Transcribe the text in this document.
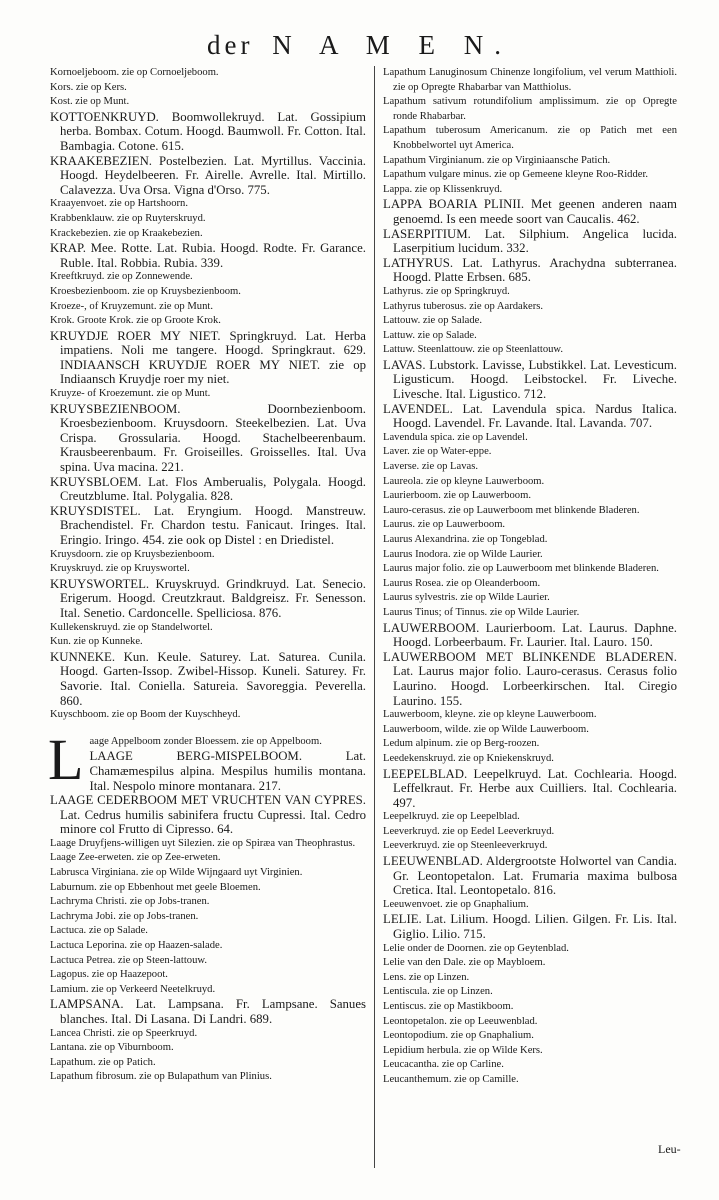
der N A M E N.

Kornoeljeboom. zie op Cornoeljeboom.

Kors. zie op Kers.

Kost. zie op Munt.

KOTTOENKRUYD. Boomwollekruyd. Lat. Gossipium herba. Bombax. Cotum. Hoogd. Baumwoll. Fr. Cotton. Ital. Bambagia. Cotone. 615.

KRAAKEBEZIEN. Postelbezien. Lat. Myrtillus. Vaccinia. Hoogd. Heydelbeeren. Fr. Airelle. Avrelle. Ital. Mirtillo. Calavezza. Uva Orsa. Vigna d'Orso. 775.

Kraayenvoet. zie op Hartshoorn.

Krabbenklauw. zie op Ruyterskruyd.

Krackebezien. zie op Kraakebezien.

KRAP. Mee. Rotte. Lat. Rubia. Hoogd. Rodte. Fr. Garance. Ruble. Ital. Robbia. Rubia. 339.

Kreeftkruyd. zie op Zonnewende.

Kroesbezienboom. zie op Kruysbezienboom.

Kroeze-, of Kruyzemunt. zie op Munt.

Krok. Groote Krok. zie op Groote Krok.

KRUYDJE ROER MY NIET. Springkruyd. Lat. Herba impatiens. Noli me tangere. Hoogd. Springkraut. 629. INDIAANSCH KRUYDJE ROER MY NIET. zie op Indiaansch Kruydje roer my niet.

Kruyze- of Kroezemunt. zie op Munt.

KRUYSBEZIENBOOM. Doornbezienboom. Kroesbezienboom. Kruysdoorn. Steekelbezien. Lat. Uva Crispa. Grossularia. Hoogd. Stachelbeerenbaum. Krausbeerenbaum. Fr. Groiseilles. Groisselles. Ital. Uva spina. Uva macina. 221.

KRUYSBLOEM. Lat. Flos Amberualis, Polygala. Hoogd. Creutzblume. Ital. Polygalia. 828.

KRUYSDISTEL. Lat. Eryngium. Hoogd. Manstreuw. Brachendistel. Fr. Chardon testu. Fanicaut. Iringes. Ital. Eringio. Iringo. 454. zie ook op Distel : en Driedistel.

Kruysdoorn. zie op Kruysbezienboom.

Kruyskruyd. zie op Kruyswortel.

KRUYSWORTEL. Kruyskruyd. Grindkruyd. Lat. Senecio. Erigerum. Hoogd. Creutzkraut. Baldgreisz. Fr. Senesson. Ital. Senetio. Cardoncelle. Spelliciosa. 876.

Kullekenskruyd. zie op Standelwortel.

Kun. zie op Kunneke.

KUNNEKE. Kun. Keule. Saturey. Lat. Saturea. Cunila. Hoogd. Garten-Issop. Zwibel-Hissop. Kuneli. Saturey. Fr. Savorie. Ital. Coniella. Satureia. Savoreggia. Peverella. 860.

Kuyschboom. zie op Boom der Kuyschheyd.

L aage Appelboom zonder Bloessem. zie op Appelboom.

LAAGE BERG-MISPELBOOM. Lat. Chamæmespilus alpina. Mespilus humilis montana. Ital. Nespolo minore montanara. 217.

LAAGE CEDERBOOM MET VRUCHTEN VAN CYPRES. Lat. Cedrus humilis sabinifera fructu Cupressi. Ital. Cedro minore col Frutto di Cipresso. 64.

Laage Druyfjens-willigen uyt Silezien. zie op Spiræa van Theophrastus.

Laage Zee-erweten. zie op Zee-erweten.

Labrusca Virginiana. zie op Wilde Wijngaard uyt Virginien.

Laburnum. zie op Ebbenhout met geele Bloemen.

Lachryma Christi. zie op Jobs-tranen.

Lachryma Jobi. zie op Jobs-tranen.

Lactuca. zie op Salade.

Lactuca Leporina. zie op Haazen-salade.

Lactuca Petrea. zie op Steen-lattouw.

Lagopus. zie op Haazepoot.

Lamium. zie op Verkeerd Neetelkruyd.

LAMPSANA. Lat. Lampsana. Fr. Lampsane. Sanues blanches. Ital. Di Lasana. Di Landri. 689.

Lancea Christi. zie op Speerkruyd.

Lantana. zie op Viburnboom.

Lapathum. zie op Patich.

Lapathum fibrosum. zie op Bulapathum van Plinius.

Lapathum Lanuginosum Chinenze longifolium, vel verum Matthioli. zie op Opregte Rhabarbar van Matthiolus.

Lapathum sativum rotundifolium amplissimum. zie op Opregte ronde Rhabarbar.

Lapathum tuberosum Americanum. zie op Patich met een Knobbelwortel uyt America.

Lapathum Virginianum. zie op Virginiaansche Patich.

Lapathum vulgare minus. zie op Gemeene kleyne Roo-Ridder.

Lappa. zie op Klissenkruyd.

LAPPA BOARIA PLINII. Met geenen anderen naam genoemd. Is een meede soort van Caucalis. 462.

LASERPITIUM. Lat. Silphium. Angelica lucida. Laserpitium lucidum. 332.

LATHYRUS. Lat. Lathyrus. Arachydna subterranea. Hoogd. Platte Erbsen. 685.

Lathyrus. zie op Springkruyd.

Lathyrus tuberosus. zie op Aardakers.

Lattouw. zie op Salade.

Lattuw. zie op Salade.

Lattuw. Steenlattouw. zie op Steenlattouw.

LAVAS. Lubstork. Lavisse, Lubstikkel. Lat. Levesticum. Ligusticum. Hoogd. Leibstockel. Fr. Liveche. Livesche. Ital. Ligustico. 712.

LAVENDEL. Lat. Lavendula spica. Nardus Italica. Hoogd. Lavendel. Fr. Lavande. Ital. Lavanda. 707.

Lavendula spica. zie op Lavendel.

Laver. zie op Water-eppe.

Laverse. zie op Lavas.

Laureola. zie op kleyne Lauwerboom.

Laurierboom. zie op Lauwerboom.

Lauro-cerasus. zie op Lauwerboom met blinkende Bladeren.

Laurus. zie op Lauwerboom.

Laurus Alexandrina. zie op Tongeblad.

Laurus Inodora. zie op Wilde Laurier.

Laurus major folio. zie op Lauwerboom met blinkende Bladeren.

Laurus Rosea. zie op Oleanderboom.

Laurus sylvestris. zie op Wilde Laurier.

Laurus Tinus; of Tinnus. zie op Wilde Laurier.

LAUWERBOOM. Laurierboom. Lat. Laurus. Daphne. Hoogd. Lorbeerbaum. Fr. Laurier. Ital. Lauro. 150.

LAUWERBOOM MET BLINKENDE BLADEREN. Lat. Laurus major folio. Lauro-cerasus. Cerasus folio Laurino. Hoogd. Lorbeerkirschen. Ital. Ciregio Laurino. 155.

Lauwerboom, kleyne. zie op kleyne Lauwerboom.

Lauwerboom, wilde. zie op Wilde Lauwerboom.

Ledum alpinum. zie op Berg-roozen.

Leedekenskruyd. zie op Kniekenskruyd.

LEEPELBLAD. Leepelkruyd. Lat. Cochlearia. Hoogd. Leffelkraut. Fr. Herbe aux Cuilliers. Ital. Cochlearia. 497.

Leepelkruyd. zie op Leepelblad.

Leeverkruyd. zie op Eedel Leeverkruyd.

Leeverkruyd. zie op Steenleeverkruyd.

LEEUWENBLAD. Aldergrootste Holwortel van Candia. Gr. Leontopetalon. Lat. Frumaria maxima bulbosa Cretica. Ital. Leontopetalo. 816.

Leeuwenvoet. zie op Gnaphalium.

LELIE. Lat. Lilium. Hoogd. Lilien. Gilgen. Fr. Lis. Ital. Giglio. Lilio. 715.

Lelie onder de Doornen. zie op Geytenblad.

Lelie van den Dale. zie op Maybloem.

Lens. zie op Linzen.

Lentiscula. zie op Linzen.

Lentiscus. zie op Mastikboom.

Leontopetalon. zie op Leeuwenblad.

Leontopodium. zie op Gnaphalium.

Lepidium herbula. zie op Wilde Kers.

Leucacantha. zie op Carline.

Leucanthemum. zie op Camille.

Leu-
